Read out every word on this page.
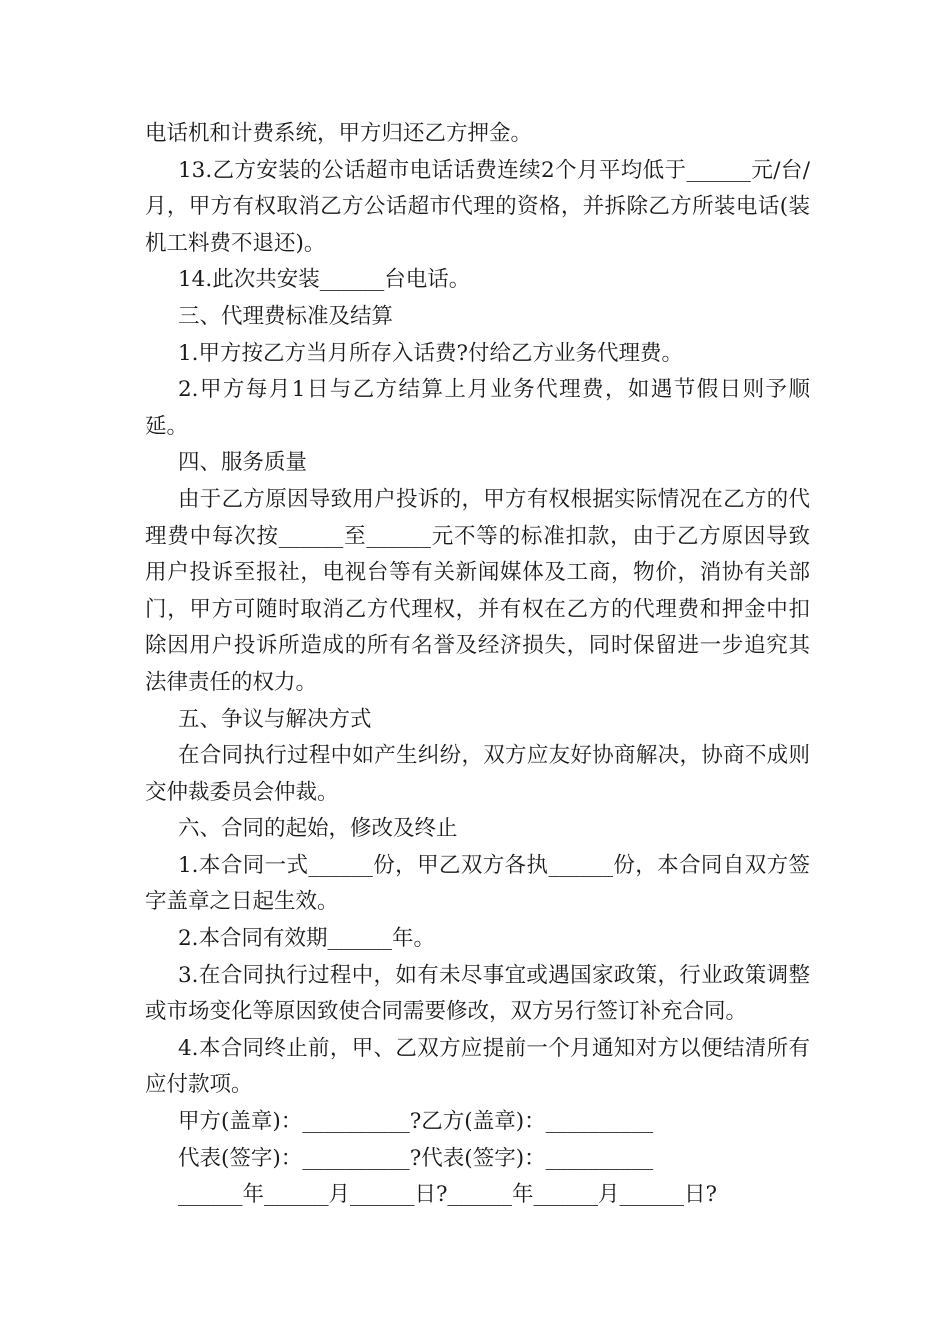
电话机和计费系统，甲方归还乙方押金。

13.乙方安装的公话超市电话话费连续2个月平均低于______元/台/月，甲方有权取消乙方公话超市代理的资格，并拆除乙方所装电话(装机工料费不退还)。

14.此次共安装______台电话。

三、代理费标准及结算

1.甲方按乙方当月所存入话费?付给乙方业务代理费。

2.甲方每月1日与乙方结算上月业务代理费，如遇节假日则予顺延。

四、服务质量

由于乙方原因导致用户投诉的，甲方有权根据实际情况在乙方的代理费中每次按______至______元不等的标准扣款，由于乙方原因导致用户投诉至报社，电视台等有关新闻媒体及工商，物价，消协有关部门，甲方可随时取消乙方代理权，并有权在乙方的代理费和押金中扣除因用户投诉所造成的所有名誉及经济损失，同时保留进一步追究其法律责任的权力。

五、争议与解决方式

在合同执行过程中如产生纠纷，双方应友好协商解决，协商不成则交仲裁委员会仲裁。

六、合同的起始，修改及终止

1.本合同一式______份，甲乙双方各执______份，本合同自双方签字盖章之日起生效。

2.本合同有效期______年。

3.在合同执行过程中，如有未尽事宜或遇国家政策，行业政策调整或市场变化等原因致使合同需要修改，双方另行签订补充合同。

4.本合同终止前，甲、乙双方应提前一个月通知对方以便结清所有应付款项。

甲方(盖章)：__________?乙方(盖章)：__________

代表(签字)：__________?代表(签字)：__________

______年______月______日?______年______月______日?
